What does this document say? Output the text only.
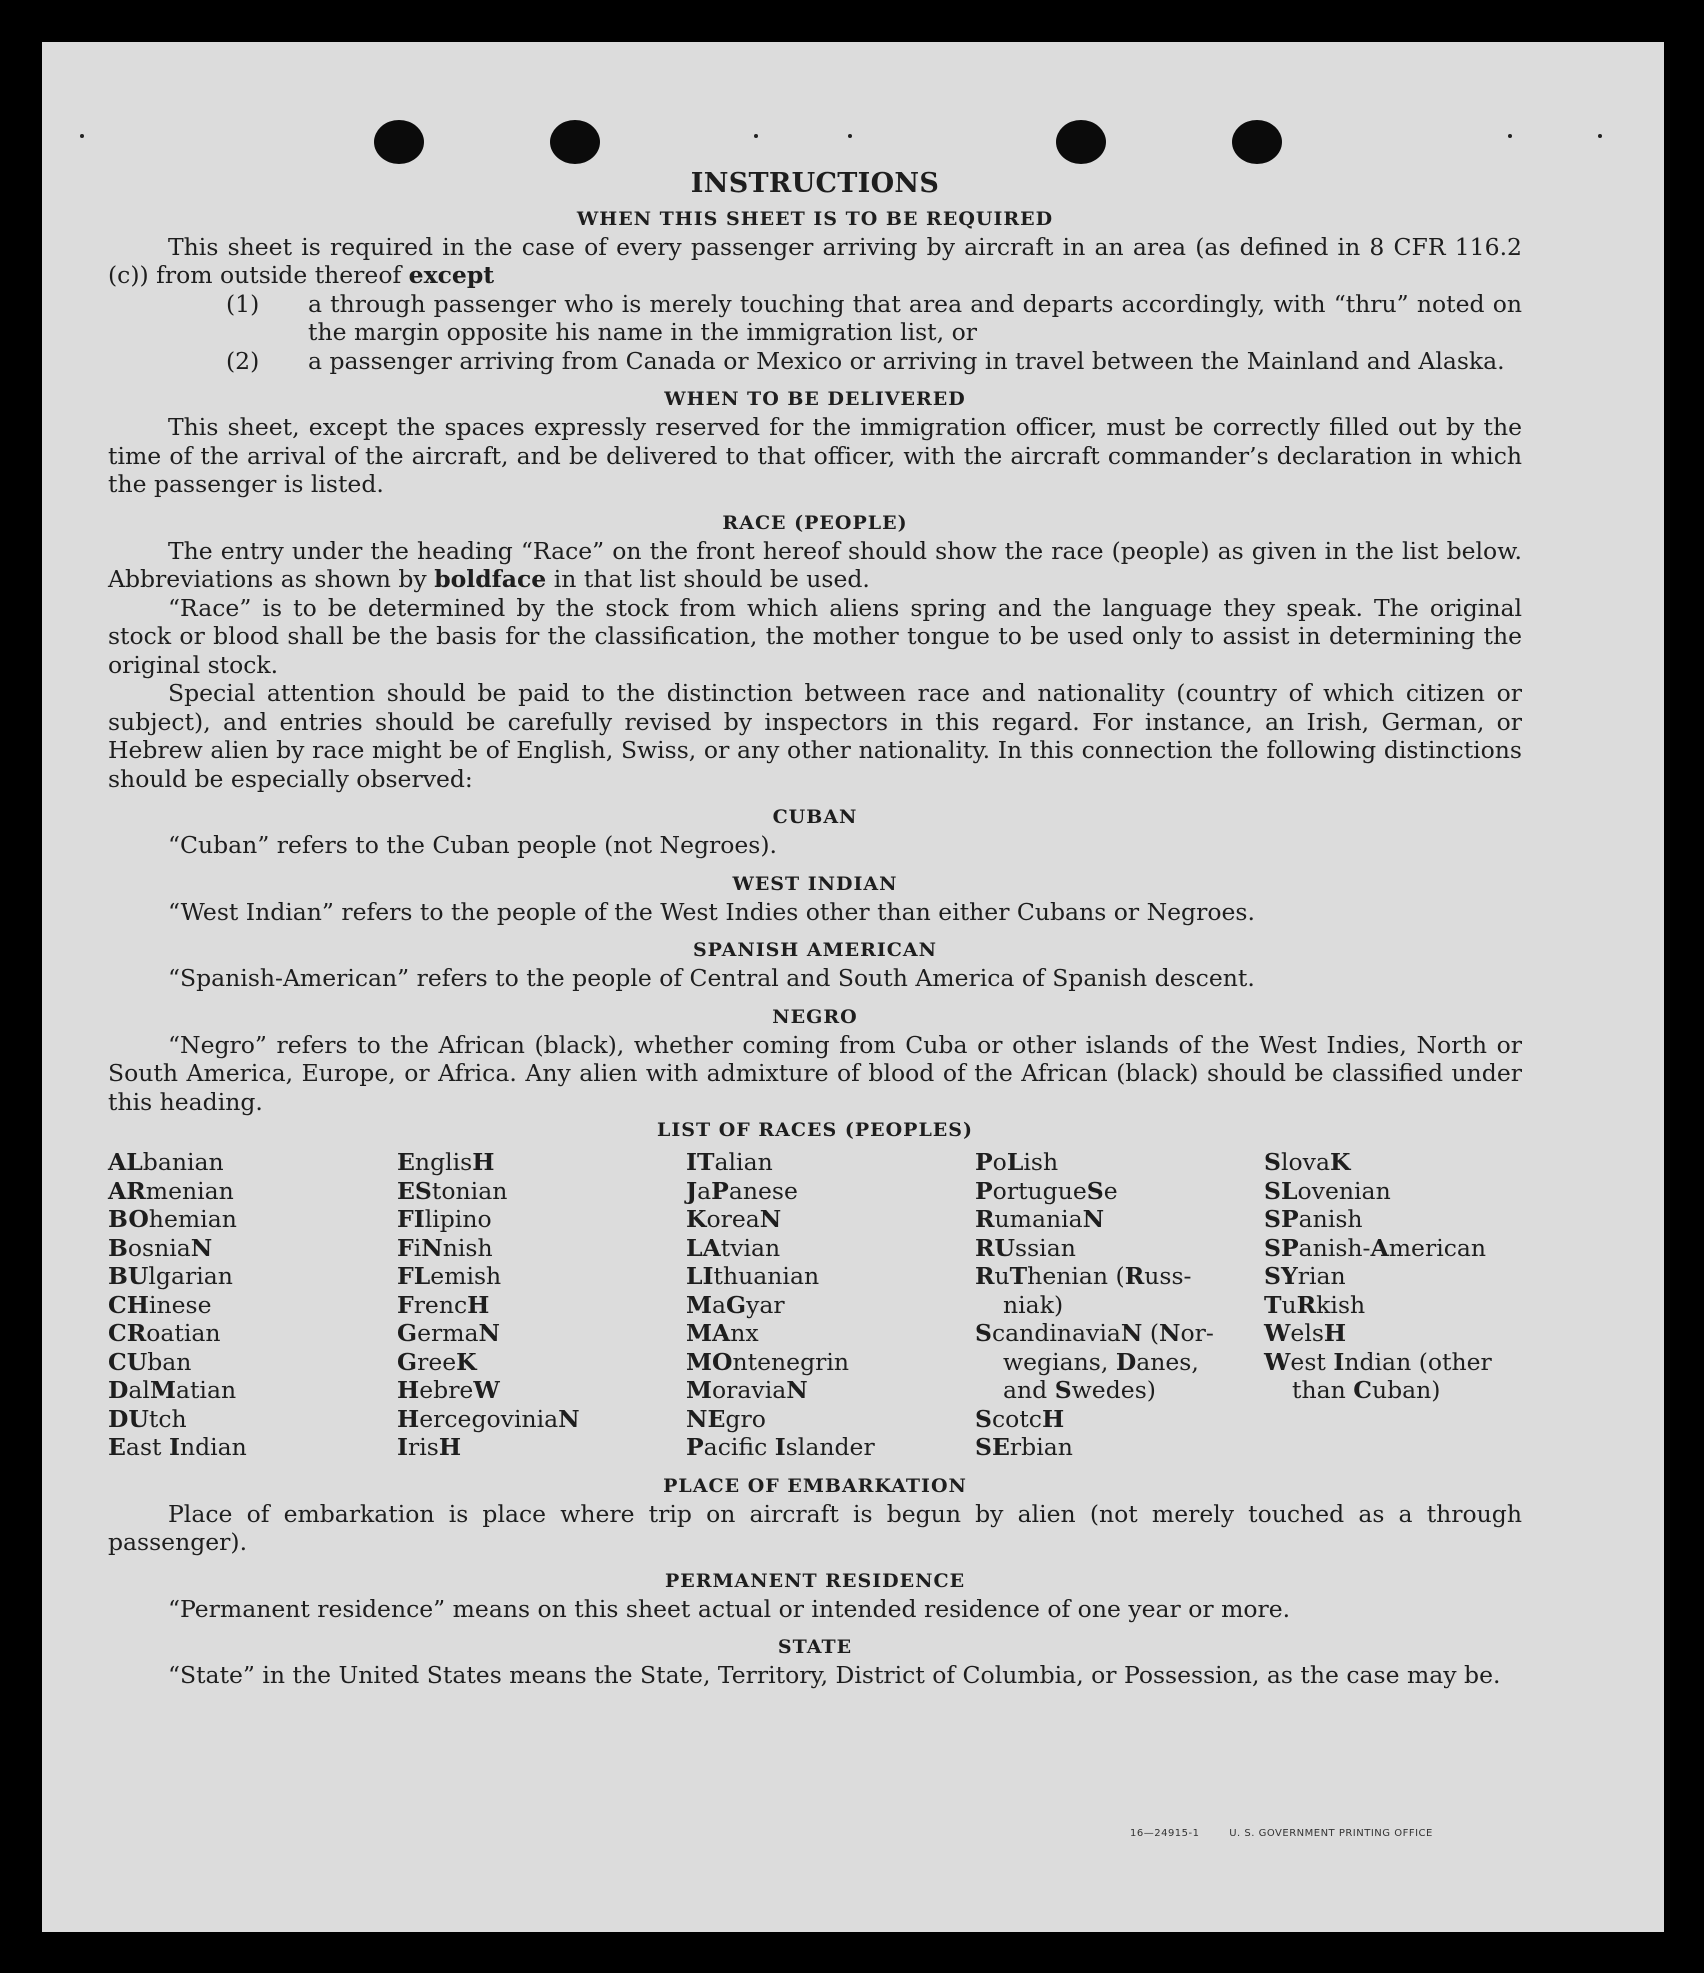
INSTRUCTIONS
WHEN THIS SHEET IS TO BE REQUIRED

This sheet is required in the case of every passenger arriving by aircraft in an area (as defined in 8 CFR 116.2 (c)) from outside thereof except

(1)	a through passenger who is merely touching that area and departs accordingly, with “thru” noted on the margin opposite his name in the immigration list, or
(2)	a passenger arriving from Canada or Mexico or arriving in travel between the Mainland and Alaska.
WHEN TO BE DELIVERED

This sheet, except the spaces expressly reserved for the immigration officer, must be correctly filled out by the time of the arrival of the aircraft, and be delivered to that officer, with the aircraft commander’s declaration in which the passenger is listed.

RACE (PEOPLE)

The entry under the heading “Race” on the front hereof should show the race (people) as given in the list below. Abbreviations as shown by boldface in that list should be used.

“Race” is to be determined by the stock from which aliens spring and the language they speak. The original stock or blood shall be the basis for the classification, the mother tongue to be used only to assist in determining the original stock.

Special attention should be paid to the distinction between race and nationality (country of which citizen or subject), and entries should be carefully revised by inspectors in this regard. For instance, an Irish, German, or Hebrew alien by race might be of English, Swiss, or any other nationality. In this connection the following distinctions should be especially observed:

CUBAN

“Cuban” refers to the Cuban people (not Negroes).

WEST INDIAN

“West Indian” refers to the people of the West Indies other than either Cubans or Negroes.

SPANISH AMERICAN

“Spanish-American” refers to the people of Central and South America of Spanish descent.

NEGRO

“Negro” refers to the African (black), whether coming from Cuba or other islands of the West Indies, North or South America, Europe, or Africa. Any alien with admixture of blood of the African (black) should be classified under this heading.

LIST OF RACES (PEOPLES)
ALbanian
ARmenian
BOhemian
BosniaN
BUlgarian
CHinese
CRoatian
CUban
DalMatian
DUtch
East Indian
EnglisH
EStonian
FIlipino
FiNnish
FLemish
FrencH
GermaN
GreeK
HebreW
HercegoviniaN
IrisH
ITalian
JaPanese
KoreaN
LAtvian
LIthuanian
MaGyar
MAnx
MOntenegrin
MoraviaN
NEgro
Pacifc Islander
PoLish
PortugueSe
RumaniaN
RUssian
RuThenian (Russ-
niak)
ScandinaviaN (Nor-
wegians, Danes,
and Swedes)
ScotcH
SErbian
SlovaK
SLovenian
SPanish
SPanish-American
SYrian
TuRkish
WelsH
West Indian (other
than Cuban)
PLACE OF EMBARKATION

Place of embarkation is place where trip on aircraft is begun by alien (not merely touched as a through passenger).

PERMANENT RESIDENCE

“Permanent residence” means on this sheet actual or intended residence of one year or more.

STATE

“State” in the United States means the State, Territory, District of Columbia, or Possession, as the case may be.

16—24915-1	U. S. GOVERNMENT PRINTING OFFICE
